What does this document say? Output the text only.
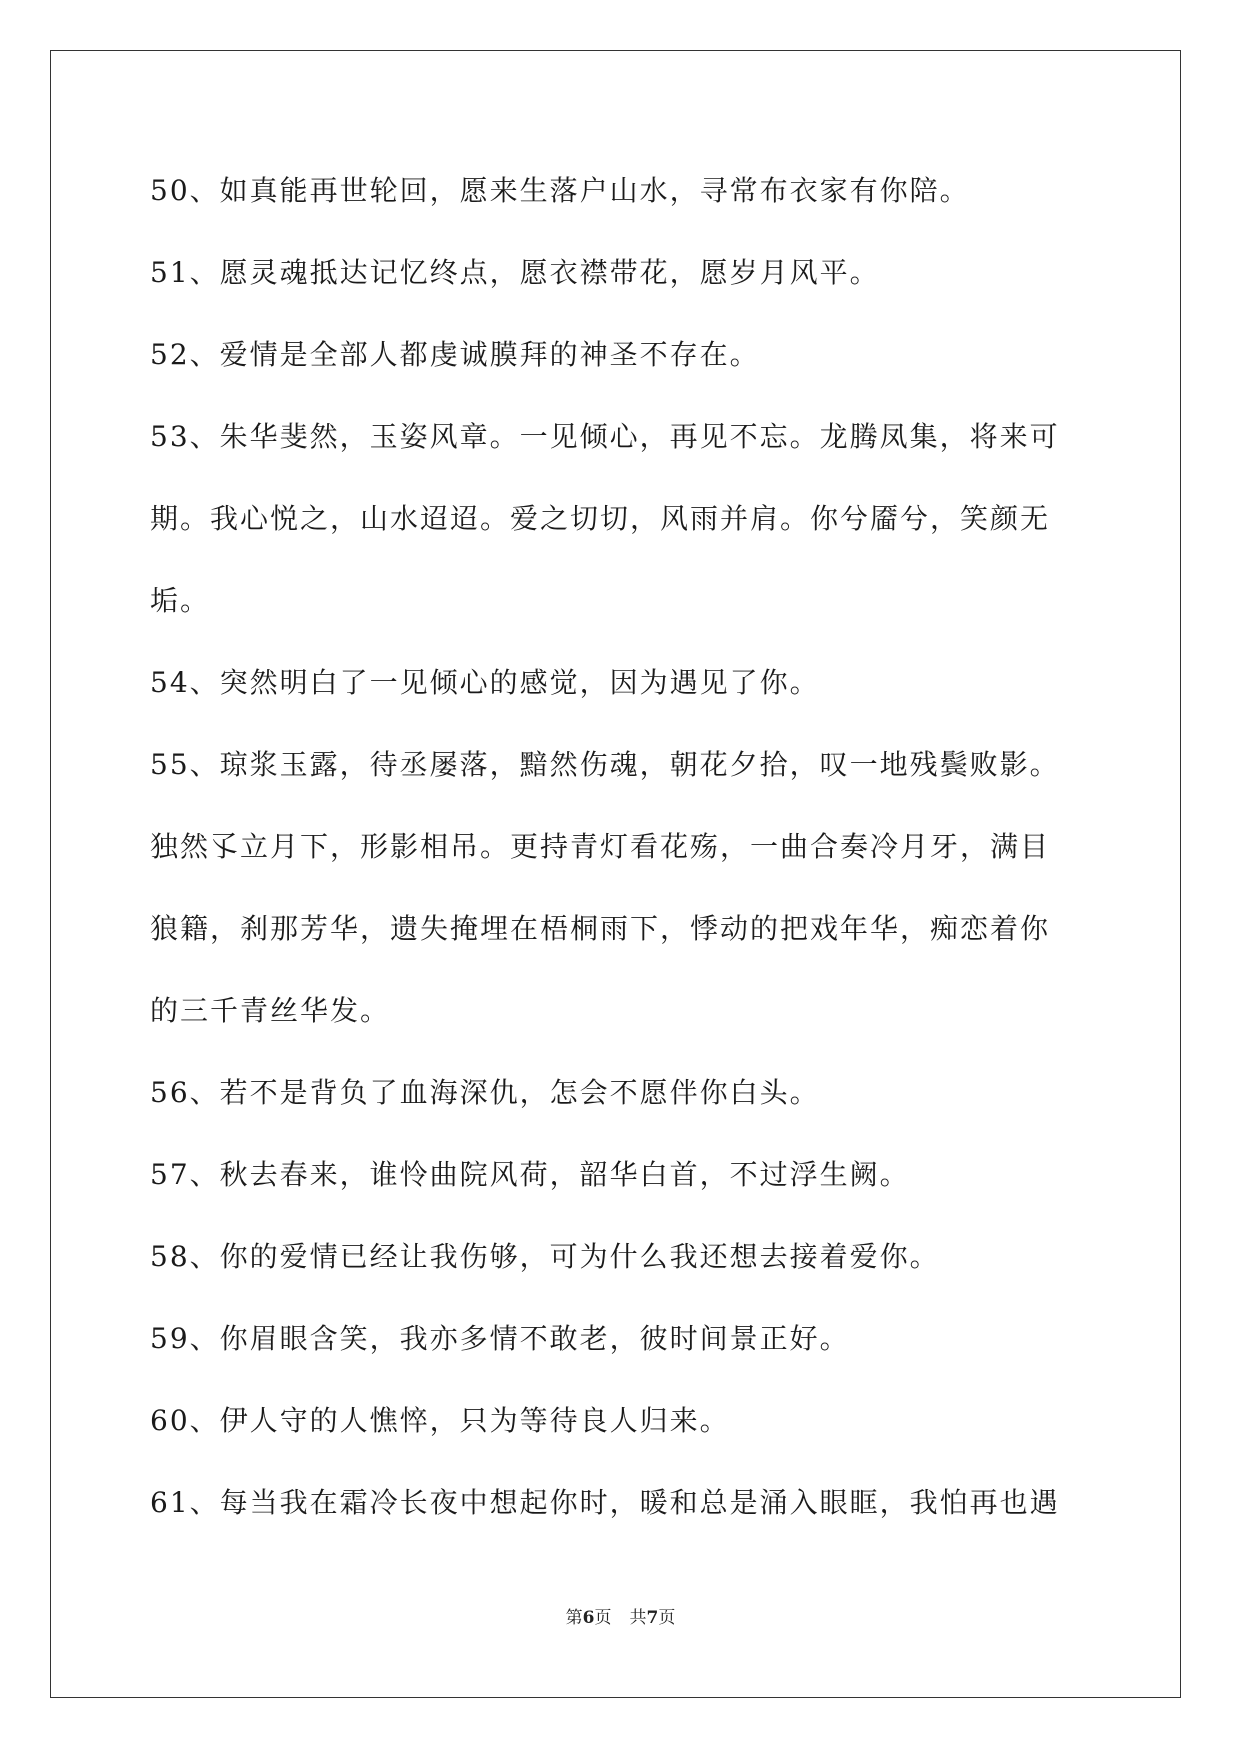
50、如真能再世轮回，愿来生落户山水，寻常布衣家有你陪。
51、愿灵魂抵达记忆终点，愿衣襟带花，愿岁月风平。
52、爱情是全部人都虔诚膜拜的神圣不存在。
53、朱华斐然，玉姿风章。一见倾心，再见不忘。龙腾凤集，将来可
期。我心悦之，山水迢迢。爱之切切，风雨并肩。你兮靥兮，笑颜无
垢。
54、突然明白了一见倾心的感觉，因为遇见了你。
55、琼浆玉露，待丞屡落，黯然伤魂，朝花夕拾，叹一地残鬓败影。
独然孓立月下，形影相吊。更持青灯看花殇，一曲合奏冷月牙，满目
狼籍，刹那芳华，遗失掩埋在梧桐雨下，悸动的把戏年华，痴恋着你
的三千青丝华发。
56、若不是背负了血海深仇，怎会不愿伴你白头。
57、秋去春来，谁怜曲院风荷，韶华白首，不过浮生阙。
58、你的爱情已经让我伤够，可为什么我还想去接着爱你。
59、你眉眼含笑，我亦多情不敢老，彼时间景正好。
60、伊人守的人憔悴，只为等待良人归来。
61、每当我在霜冷长夜中想起你时，暖和总是涌入眼眶，我怕再也遇
第6页 共7页
